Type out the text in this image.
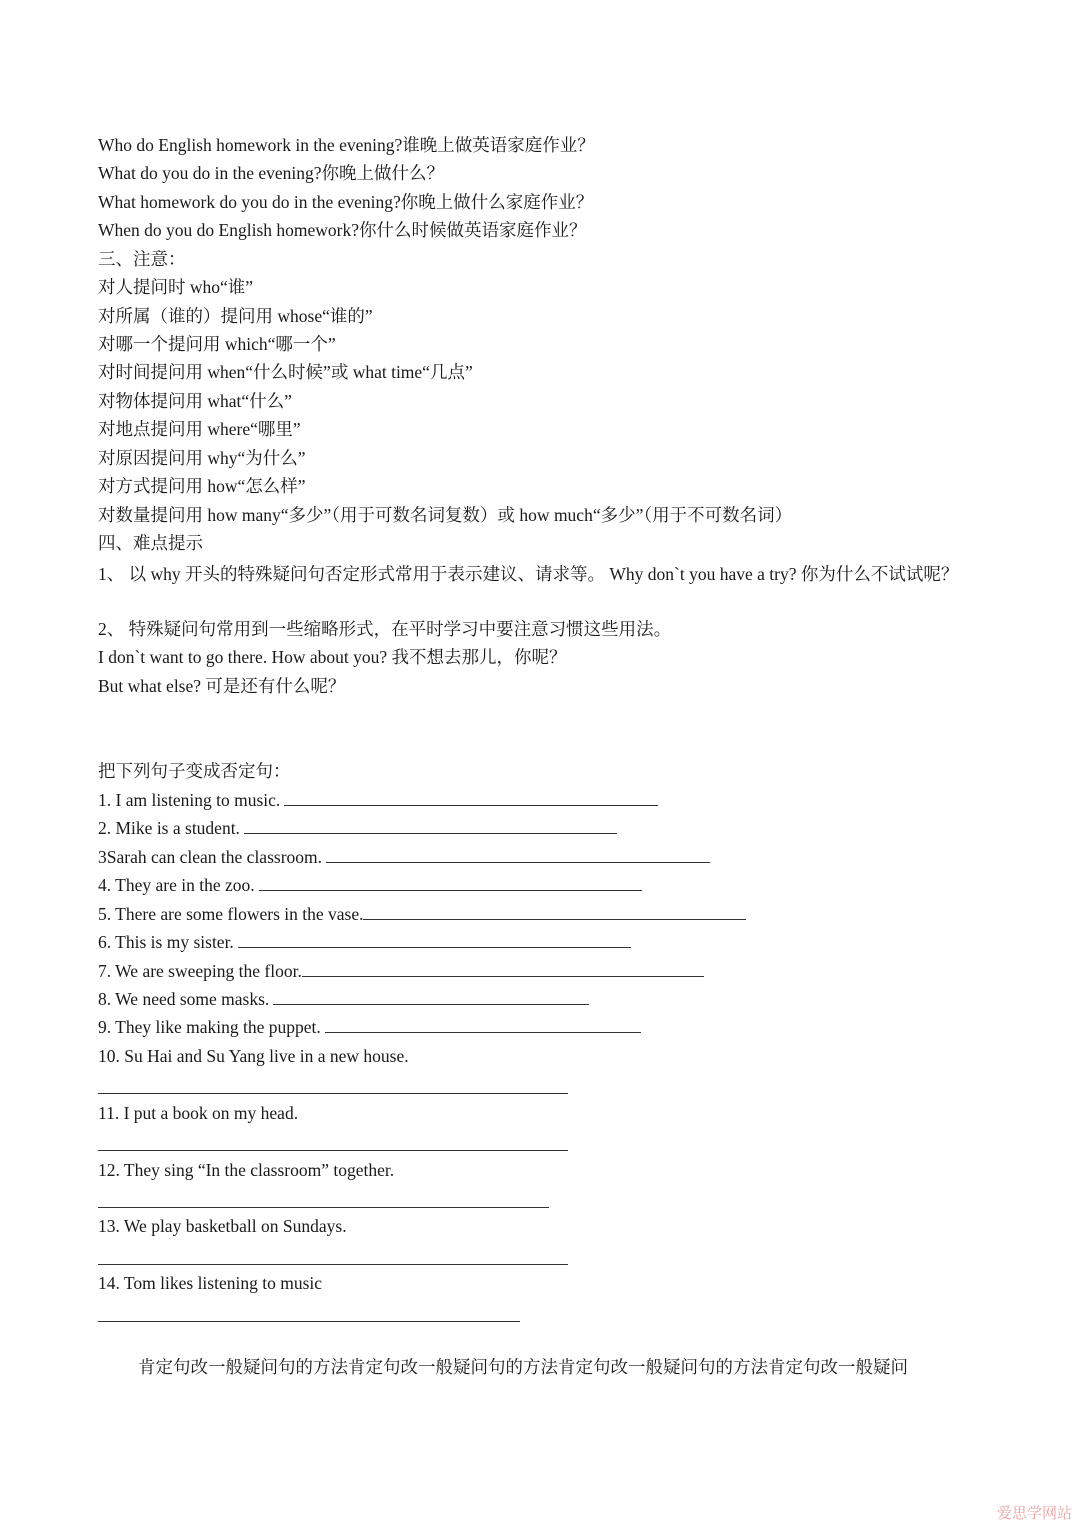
Who do English homework in the evening?谁晚上做英语家庭作业？
What do you do in the evening?你晚上做什么？
What homework do you do in the evening?你晚上做什么家庭作业？
When do you do English homework?你什么时候做英语家庭作业？
三、注意：
对人提问时 who“谁”
对所属（谁的）提问用 whose“谁的”
对哪一个提问用 which“哪一个”
对时间提问用 when“什么时候”或 what time“几点”
对物体提问用 what“什么”
对地点提问用 where“哪里”
对原因提问用 why“为什么”
对方式提问用 how“怎么样”
对数量提问用 how many“多少”（用于可数名词复数）或 how much“多少”（用于不可数名词）
四、难点提示
1、 以 why 开头的特殊疑问句否定形式常用于表示建议、请求等。 Why don`t you have a try? 你为什么不试试呢？
2、 特殊疑问句常用到一些缩略形式，在平时学习中要注意习惯这些用法。
I don`t want to go there. How about you? 我不想去那儿，你呢？
But what else? 可是还有什么呢？
把下列句子变成否定句：
1. I am listening to music.
2. Mike is a student.
3Sarah can clean the classroom.
4. They are in the zoo.
5. There are some flowers in the vase.
6. This is my sister.
7. We are sweeping the floor.
8. We need some masks.
9. They like making the puppet.
10. Su Hai and Su Yang live in a new house.
11. I put a book on my head.
12. They sing “In the classroom” together.
13. We play basketball on Sundays.
14. Tom likes listening to music
肯定句改一般疑问句的方法肯定句改一般疑问句的方法肯定句改一般疑问句的方法肯定句改一般疑问
爱思学网站
